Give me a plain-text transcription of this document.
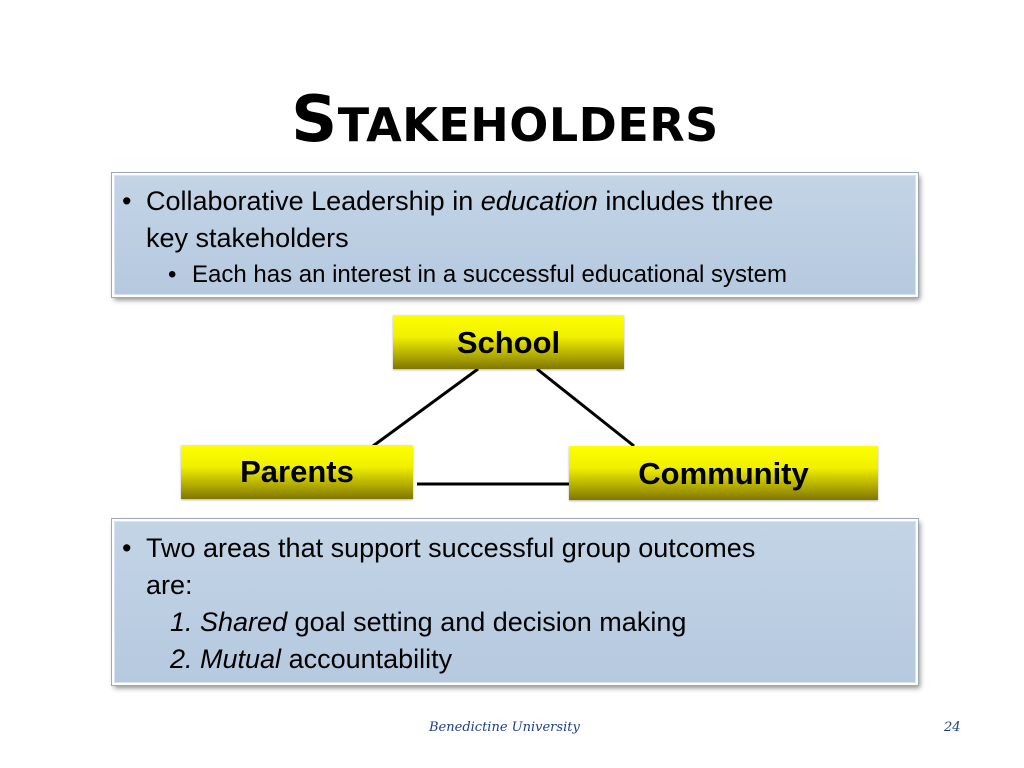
STAKEHOLDERS
• Collaborative Leadership in education includes three
key stakeholders
• Each has an interest in a successful educational system
School
Parents	Community
• Two areas that support successful group outcomes
are:
1. Shared goal setting and decision making
2. Mutual accountability
Benedictine University	24
